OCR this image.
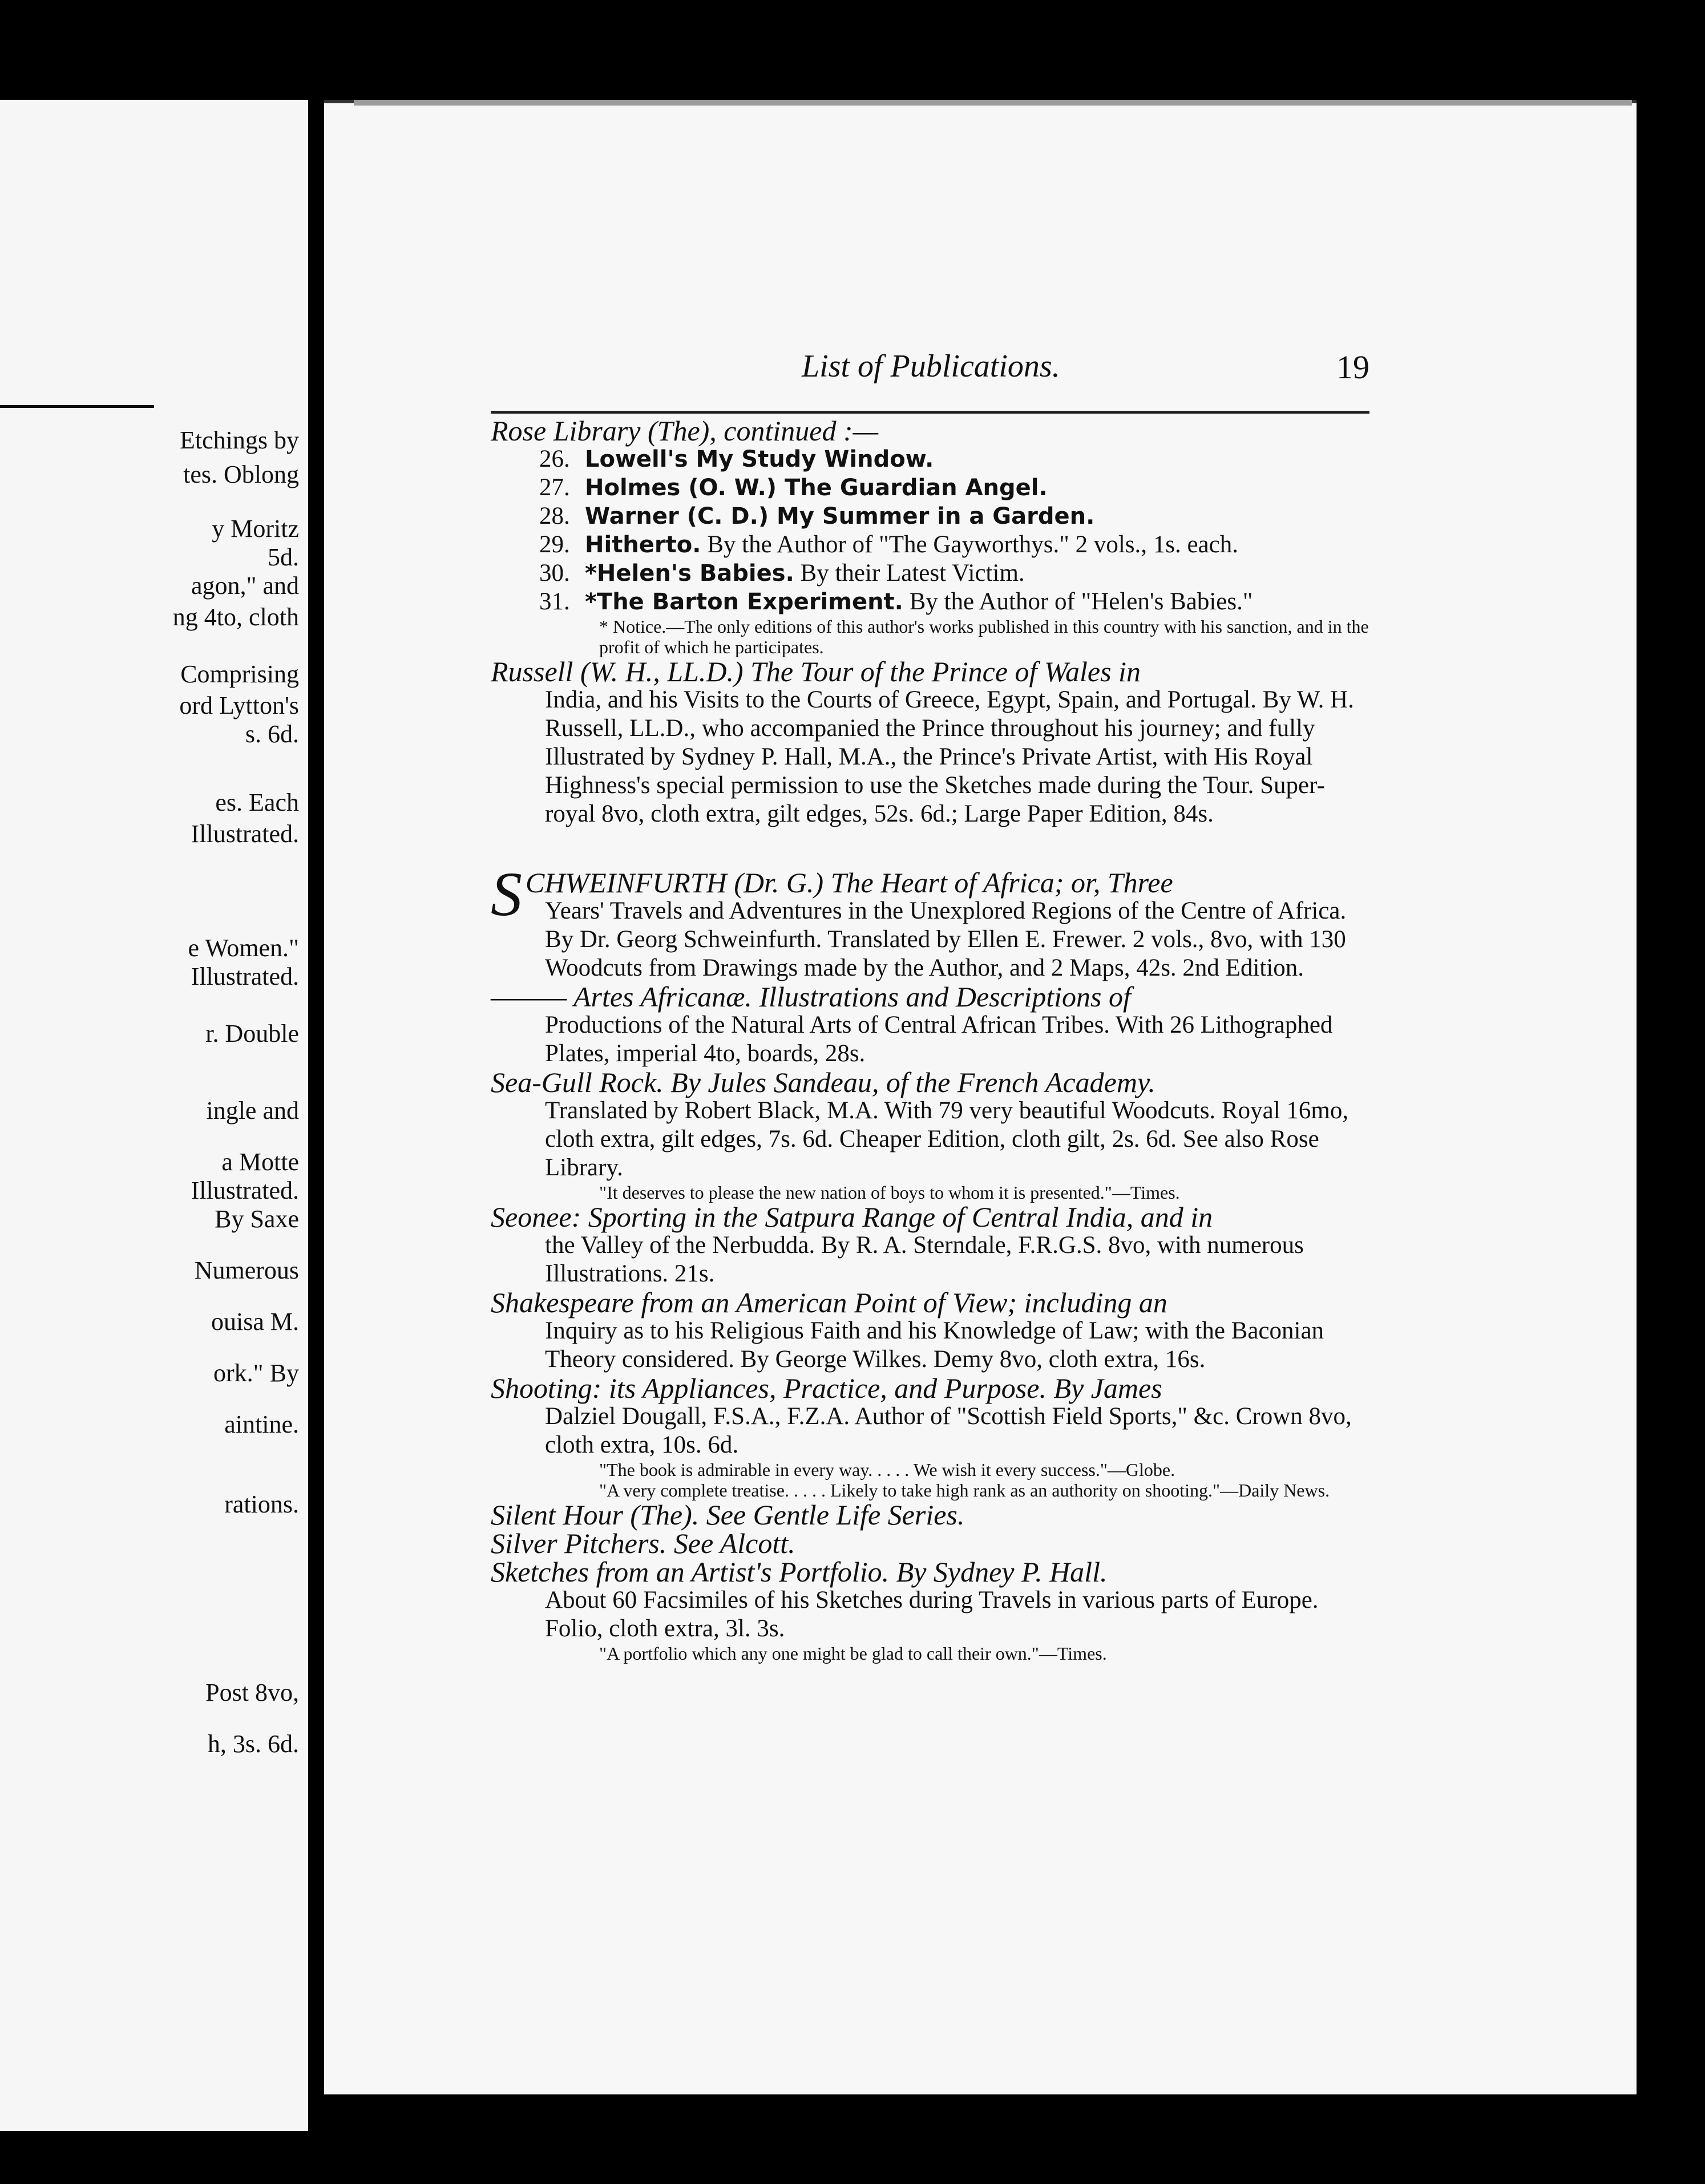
Etchings by
tes. Oblong
y Moritz
5d.
agon," and
ng 4to, cloth
Comprising
ord Lytton's
s. 6d.
es. Each
Illustrated.
e Women."
Illustrated.
r. Double
ingle and
a Motte
Illustrated.
By Saxe
Numerous
ouisa M.
ork." By
aintine.
rations.
Post 8vo,
h, 3s. 6d.
List of Publications.	19

Rose Library (The), continued :—

26. Lowell's My Study Window.

27. Holmes (O. W.) The Guardian Angel.

28. Warner (C. D.) My Summer in a Garden.

29. Hitherto. By the Author of "The Gayworthys." 2 vols., 1s. each.

30. *Helen's Babies. By their Latest Victim.

31. *The Barton Experiment. By the Author of "Helen's Babies."

* Notice.—The only editions of this author's works published in this country with his sanction, and in the profit of which he participates.

Russell (W. H., LL.D.) The Tour of the Prince of Wales in

India, and his Visits to the Courts of Greece, Egypt, Spain, and Portugal. By W. H. Russell, LL.D., who accompanied the Prince throughout his journey; and fully Illustrated by Sydney P. Hall, M.A., the Prince's Private Artist, with His Royal Highness's special permission to use the Sketches made during the Tour. Super-royal 8vo, cloth extra, gilt edges, 52s. 6d.; Large Paper Edition, 84s.

SCHWEINFURTH (Dr. G.) The Heart of Africa; or, Three

Years' Travels and Adventures in the Unexplored Regions of the Centre of Africa. By Dr. Georg Schweinfurth. Translated by Ellen E. Frewer. 2 vols., 8vo, with 130 Woodcuts from Drawings made by the Author, and 2 Maps, 42s. 2nd Edition.

——— Artes Africanæ. Illustrations and Descriptions of

Productions of the Natural Arts of Central African Tribes. With 26 Lithographed Plates, imperial 4to, boards, 28s.

Sea-Gull Rock. By Jules Sandeau, of the French Academy.

Translated by Robert Black, M.A. With 79 very beautiful Woodcuts. Royal 16mo, cloth extra, gilt edges, 7s. 6d. Cheaper Edition, cloth gilt, 2s. 6d. See also Rose Library.

"It deserves to please the new nation of boys to whom it is presented."—Times.

Seonee: Sporting in the Satpura Range of Central India, and in

the Valley of the Nerbudda. By R. A. Sterndale, F.R.G.S. 8vo, with numerous Illustrations. 21s.

Shakespeare from an American Point of View; including an

Inquiry as to his Religious Faith and his Knowledge of Law; with the Baconian Theory considered. By George Wilkes. Demy 8vo, cloth extra, 16s.

Shooting: its Appliances, Practice, and Purpose. By James

Dalziel Dougall, F.S.A., F.Z.A. Author of "Scottish Field Sports," &c. Crown 8vo, cloth extra, 10s. 6d.

"The book is admirable in every way. . . . . We wish it every success."—Globe.

"A very complete treatise. . . . . Likely to take high rank as an authority on shooting."—Daily News.

Silent Hour (The). See Gentle Life Series.

Silver Pitchers. See Alcott.

Sketches from an Artist's Portfolio. By Sydney P. Hall.

About 60 Facsimiles of his Sketches during Travels in various parts of Europe. Folio, cloth extra, 3l. 3s.

"A portfolio which any one might be glad to call their own."—Times.
